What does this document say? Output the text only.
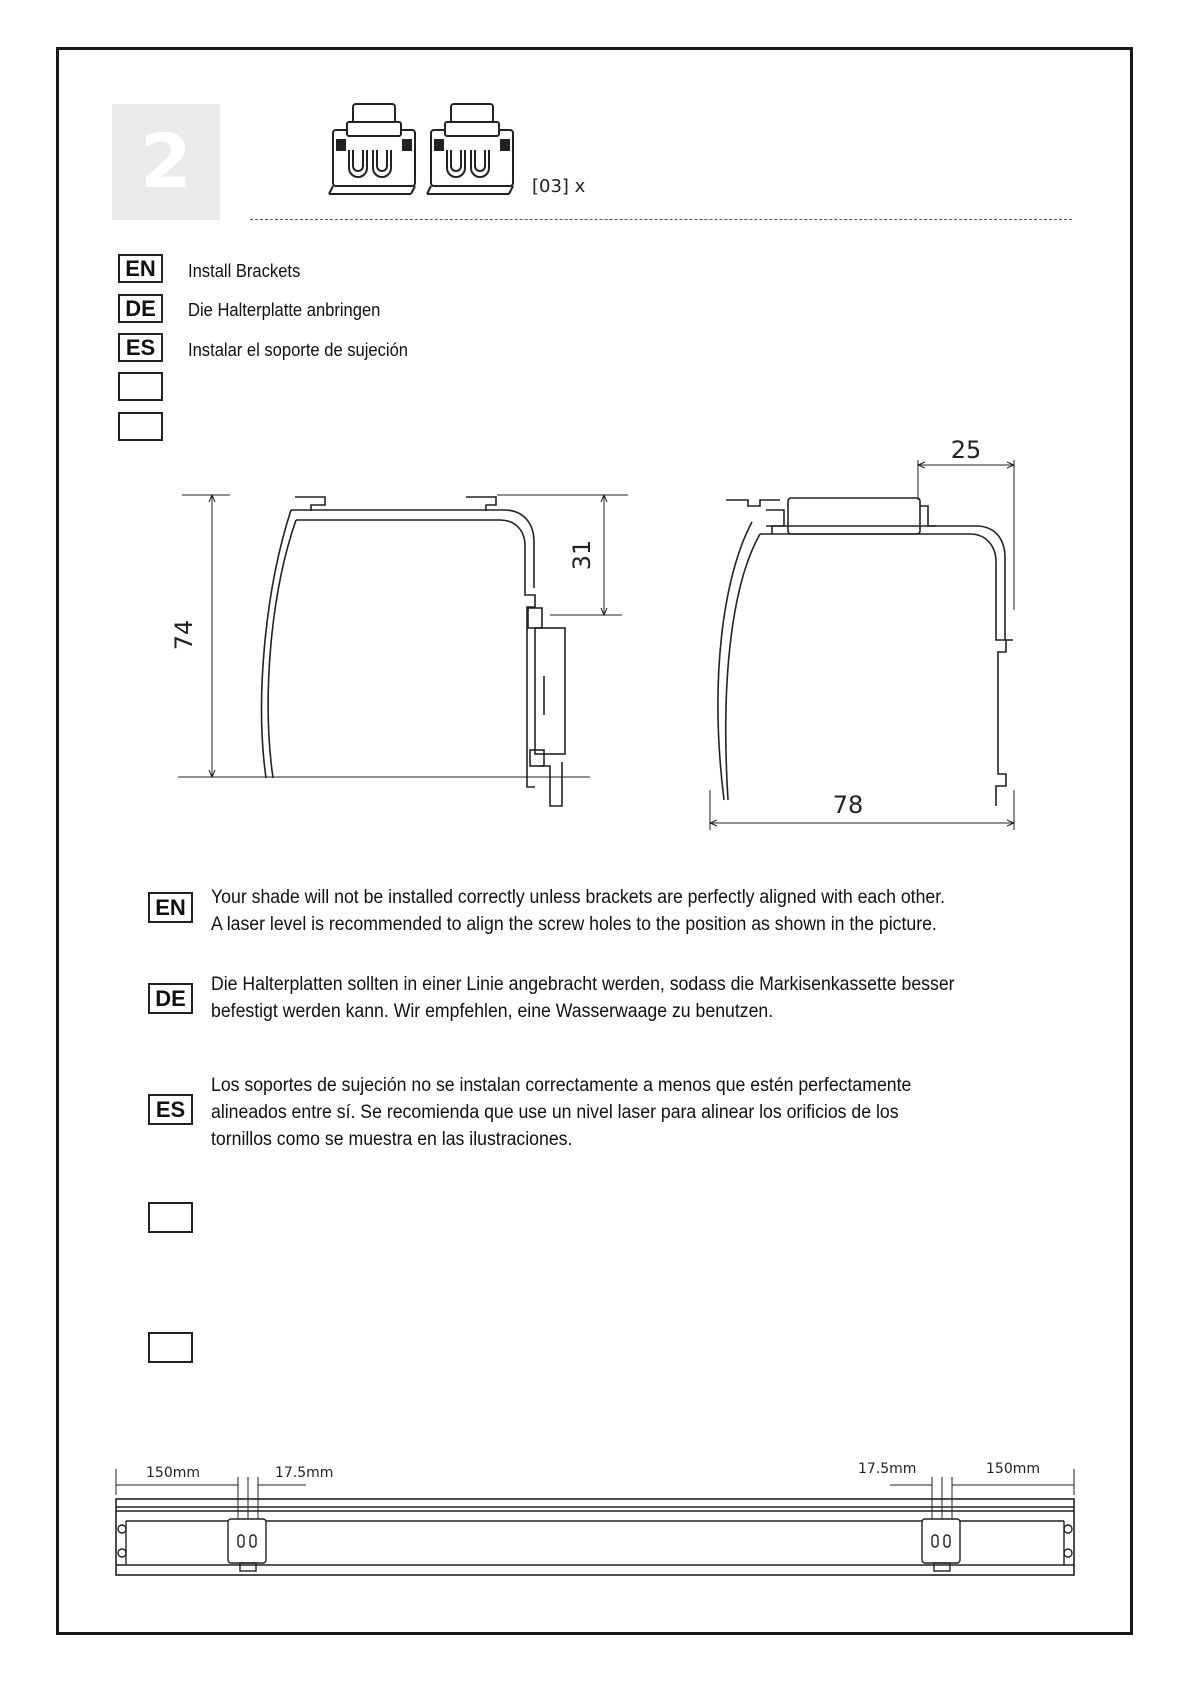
2	[03] x
EN	Install Brackets
DE	Die Halterplatte anbringen
ES	Instalar el soporte de sujeción
74
31
25
78
EN	Your shade will not be installed correctly unless brackets are perfectly aligned with each other.
A laser level is recommended to align the screw holes to the position as shown in the picture.
DE
Die Halterplatten sollten in einer Linie angebracht werden, sodass die Markisenkassette besser
befestigt werden kann. Wir empfehlen, eine Wasserwaage zu benutzen.
ES
Los soportes de sujeción no se instalan correctamente a menos que estén perfectamente
alineados entre sí. Se recomienda que use un nivel laser para alinear los orificios de los
tornillos como se muestra en las ilustraciones.
150mm	17.5mm	17.5mm	150mm
